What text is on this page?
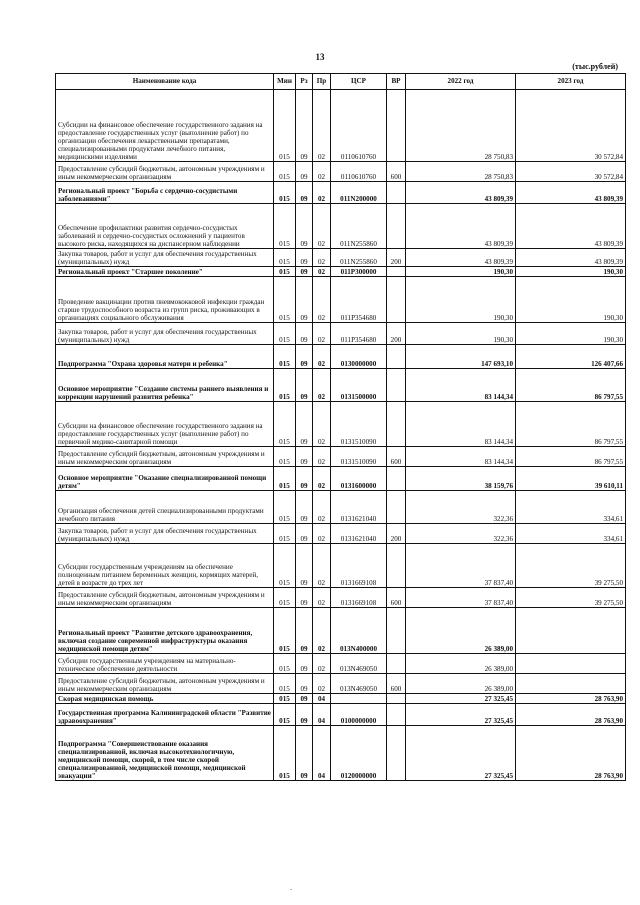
13
(тыс.рублей)
Наименование кода	Мин	Рз	Пр	ЦСР	ВР	2022 год	2023 год
Субсидии на финансовое обеспечение государственного задания на предоставление государственных услуг (выполнение работ) по организации обеспечения лекарственными препаратами, специализированными продуктами лечебного питания, медицинскими изделиями	015	09	02	0110610760		28 750,83	30 572,84
Предоставление субсидий бюджетным, автономным учреждениям и иным некоммерческим организациям	015	09	02	0110610760	600	28 750,83	30 572,84
Региональный проект "Борьба с сердечно-сосудистыми заболеваниями"	015	09	02	011N200000		43 809,39	43 809,39
Обеспечение профилактики развития сердечно-сосудистых заболеваний и сердечно-сосудистых осложнений у пациентов высокого риска, находящихся на диспансерном наблюдении	015	09	02	011N255860		43 809,39	43 809,39
Закупка товаров, работ и услуг для обеспечения государственных (муниципальных) нужд	015	09	02	011N255860	200	43 809,39	43 809,39
Региональный проект "Старшее поколение"	015	09	02	011P300000		190,30	190,30
Проведение вакцинации против пневмококковой инфекции граждан старше трудоспособного возраста из групп риска, проживающих в организациях социального обслуживания	015	09	02	011P354680		190,30	190,30
Закупка товаров, работ и услуг для обеспечения государственных (муниципальных) нужд	015	09	02	011P354680	200	190,30	190,30
Подпрограмма "Охрана здоровья матери и ребенка"	015	09	02	0130000000		147 693,10	126 407,66
Основное мероприятие "Создание системы раннего выявления и коррекции нарушений развития ребенка"	015	09	02	0131500000		83 144,34	86 797,55
Субсидии на финансовое обеспечение государственного задания на предоставление государственных услуг (выполнение работ) по первичной медико-санитарной помощи	015	09	02	0131510090		83 144,34	86 797,55
Предоставление субсидий бюджетным, автономным учреждениям и иным некоммерческим организациям	015	09	02	0131510090	600	83 144,34	86 797,55
Основное мероприятие "Оказание специализированной помощи детям"	015	09	02	0131600000		38 159,76	39 610,11
Организация обеспечения детей специализированными продуктами лечебного питания	015	09	02	0131621040		322,36	334,61
Закупка товаров, работ и услуг для обеспечения государственных (муниципальных) нужд	015	09	02	0131621040	200	322,36	334,61
Субсидии государственным учреждениям на обеспечение полноценным питанием беременных женщин, кормящих матерей, детей в возрасте до трех лет	015	09	02	0131669108		37 837,40	39 275,50
Предоставление субсидий бюджетным, автономным учреждениям и иным некоммерческим организациям	015	09	02	0131669108	600	37 837,40	39 275,50
Региональный проект "Развитие детского здравоохранения, включая создание современной инфраструктуры оказания медицинской помощи детям"	015	09	02	013N400000		26 389,00	
Субсидии государственным учреждениям на материально-техническое обеспечение деятельности	015	09	02	013N469050		26 389,00	
Предоставление субсидий бюджетным, автономным учреждениям и иным некоммерческим организациям	015	09	02	013N469050	600	26 389,00	
Скорая медицинская помощь	015	09	04			27 325,45	28 763,90
Государственная программа Калининградской области "Развитие здравоохранения"	015	09	04	0100000000		27 325,45	28 763,90
Подпрограмма "Совершенствование оказания специализированной, включая высокотехнологичную, медицинской помощи, скорой, в том числе скорой специализированной, медицинской помощи, медицинской эвакуации"	015	09	04	0120000000		27 325,45	28 763,90
-
